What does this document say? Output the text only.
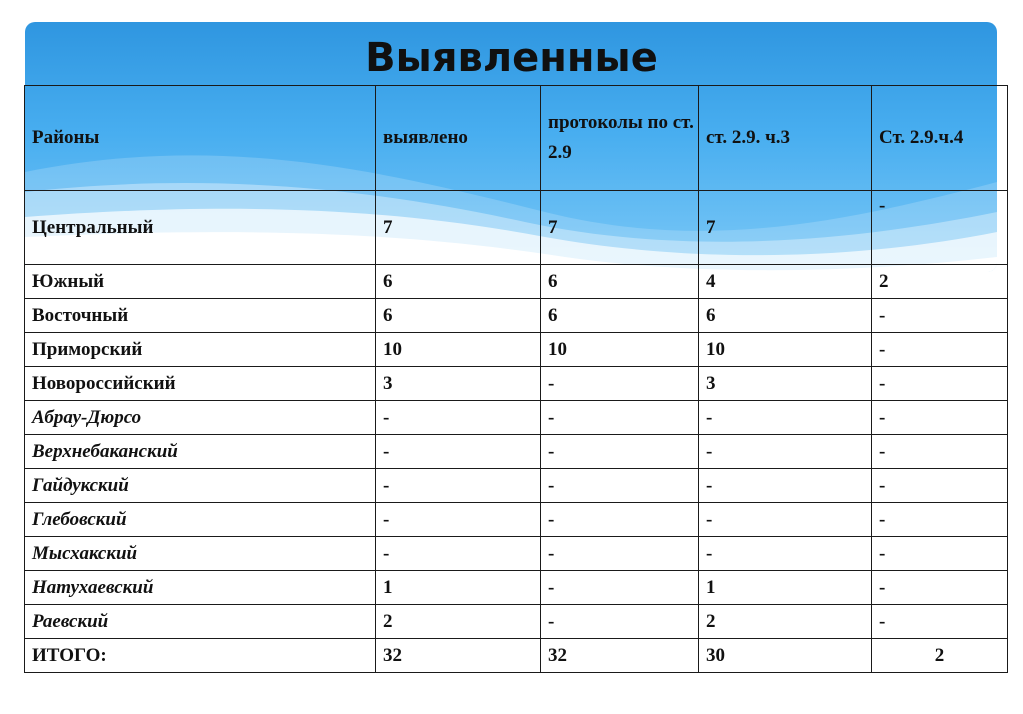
Выявленные
Районы	выявлено	протоколы по ст. 2.9	ст. 2.9. ч.3	Ст. 2.9.ч.4
Центральный	7	7	7	-
Южный	6	6	4	2
Восточный	6	6	6	-
Приморский	10	10	10	-
Новороссийский	3	-	3	-
Абрау-Дюрсо	-	-	-	-
Верхнебаканский	-	-	-	-
Гайдукский	-	-	-	-
Глебовский	-	-	-	-
Мысхакский	-	-	-	-
Натухаевский	1	-	1	-
Раевский	2	-	2	-
ИТОГО:	32	32	30	2
